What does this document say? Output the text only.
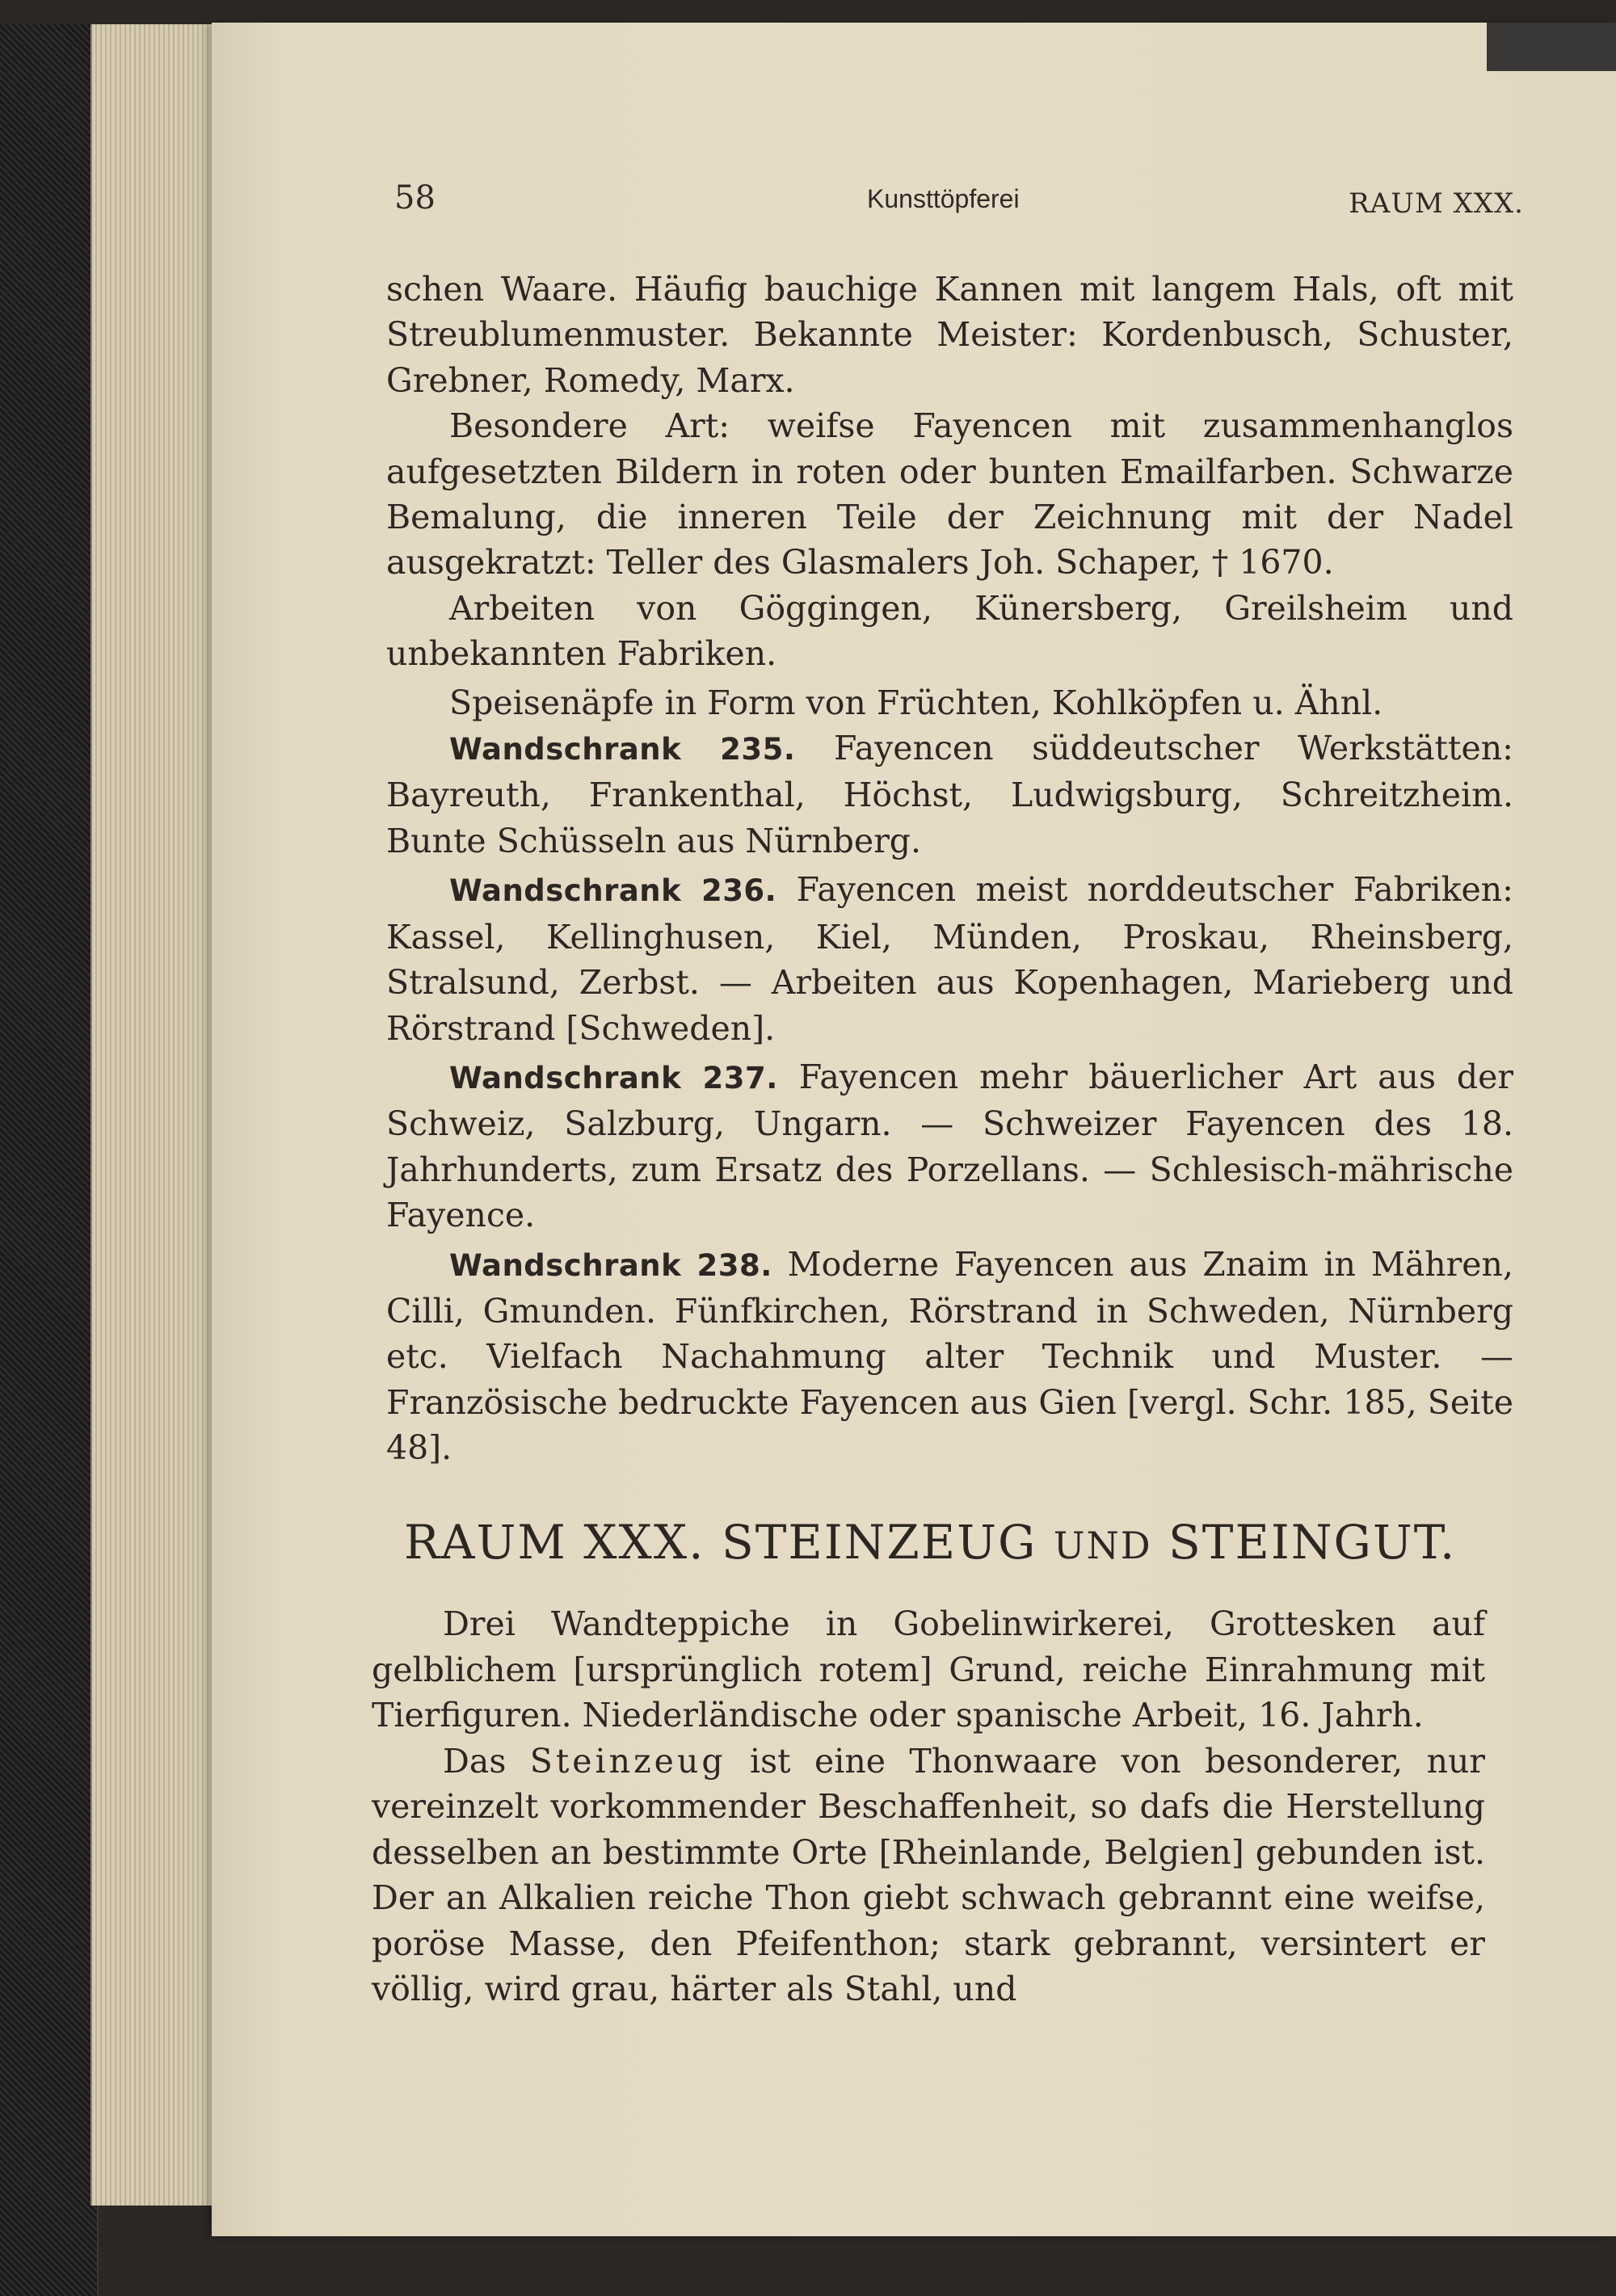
58	Kunsttöpferei	RAUM XXX.

schen Waare. Häufig bauchige Kannen mit langem Hals, oft mit Streublumenmuster. Bekannte Meister: Kordenbusch, Schuster, Grebner, Romedy, Marx.

Besondere Art: weifse Fayencen mit zusammenhanglos aufgesetzten Bildern in roten oder bunten Emailfarben. Schwarze Bemalung, die inneren Teile der Zeichnung mit der Nadel ausgekratzt: Teller des Glasmalers Joh. Schaper, † 1670.

Arbeiten von Göggingen, Künersberg, Greilsheim und unbekannten Fabriken.

Speisenäpfe in Form von Früchten, Kohlköpfen u. Ähnl.

Wandschrank 235. Fayencen süddeutscher Werkstätten: Bayreuth, Frankenthal, Höchst, Ludwigsburg, Schreitzheim. Bunte Schüsseln aus Nürnberg.

Wandschrank 236. Fayencen meist norddeutscher Fabriken: Kassel, Kellinghusen, Kiel, Münden, Proskau, Rheinsberg, Stralsund, Zerbst. — Arbeiten aus Kopenhagen, Marieberg und Rörstrand [Schweden].

Wandschrank 237. Fayencen mehr bäuerlicher Art aus der Schweiz, Salzburg, Ungarn. — Schweizer Fayencen des 18. Jahrhunderts, zum Ersatz des Porzellans. — Schlesisch-mährische Fayence.

Wandschrank 238. Moderne Fayencen aus Znaim in Mähren, Cilli, Gmunden. Fünfkirchen, Rörstrand in Schweden, Nürnberg etc. Vielfach Nachahmung alter Technik und Muster. — Französische bedruckte Fayencen aus Gien [vergl. Schr. 185, Seite 48].

RAUM XXX. STEINZEUG UND STEINGUT.

Drei Wandteppiche in Gobelinwirkerei, Grottesken auf gelblichem [ursprünglich rotem] Grund, reiche Einrahmung mit Tierfiguren. Niederländische oder spanische Arbeit, 16. Jahrh.

Das Steinzeug ist eine Thonwaare von besonderer, nur vereinzelt vorkommender Beschaffenheit, so dafs die Herstellung desselben an bestimmte Orte [Rheinlande, Belgien] gebunden ist. Der an Alkalien reiche Thon giebt schwach gebrannt eine weifse, poröse Masse, den Pfeifenthon; stark gebrannt, versintert er völlig, wird grau, härter als Stahl, und
